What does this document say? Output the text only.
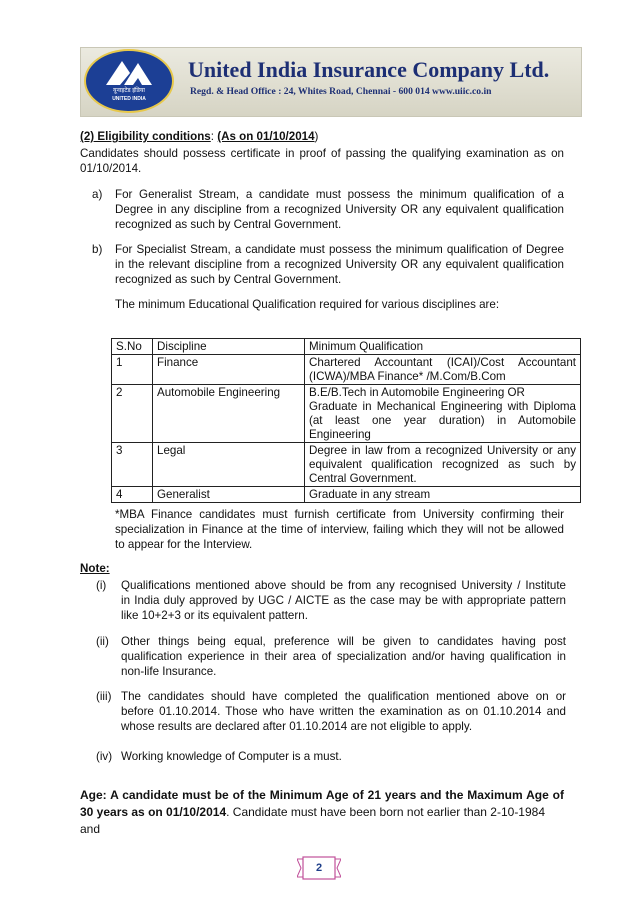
यूनाइटेड इंडिया
UNITED INDIA
United India Insurance Company Ltd.
Regd. & Head Office : 24, Whites Road, Chennai - 600 014 www.uiic.co.in
(2) Eligibility conditions: (As on 01/10/2014)
Candidates should possess certificate in proof of passing the qualifying examination as on
01/10/2014.
a) For Generalist Stream, a candidate must possess the minimum qualification of a
Degree in any discipline from a recognized University OR any equivalent qualification
recognized as such by Central Government.
b) For Specialist Stream, a candidate must possess the minimum qualification of Degree
in the relevant discipline from a recognized University OR any equivalent qualification
recognized as such by Central Government.
The minimum Educational Qualification required for various disciplines are:
S.No	Discipline	Minimum Qualification
1	Finance	Chartered Accountant (ICAI)/Cost Accountant
(ICWA)/MBA Finance* /M.Com/B.Com

2	Automobile Engineering	B.E/B.Tech in Automobile Engineering OR
Graduate in Mechanical Engineering with Diploma
(at least one year duration) in Automobile
Engineering

3	Legal	Degree in law from a recognized University or any
equivalent qualification recognized as such by
Central Government.

4	Generalist	Graduate in any stream
*MBA Finance candidates must furnish certificate from University confirming their
specialization in Finance at the time of interview, failing which they will not be allowed
to appear for the Interview.
Note:
(i) Qualifications mentioned above should be from any recognised University / Institute
in India duly approved by UGC / AICTE as the case may be with appropriate pattern
like 10+2+3 or its equivalent pattern.
(ii) Other things being equal, preference will be given to candidates having post
qualification experience in their area of specialization and/or having qualification in
non-life Insurance.
(iii) The candidates should have completed the qualification mentioned above on or
before 01.10.2014. Those who have written the examination as on 01.10.2014 and
whose results are declared after 01.10.2014 are not eligible to apply.
(iv) Working knowledge of Computer is a must.
Age: A candidate must be of the Minimum Age of 21 years and the Maximum Age of
30 years as on 01/10/2014. Candidate must have been born not earlier than 2-10-1984 and
2
